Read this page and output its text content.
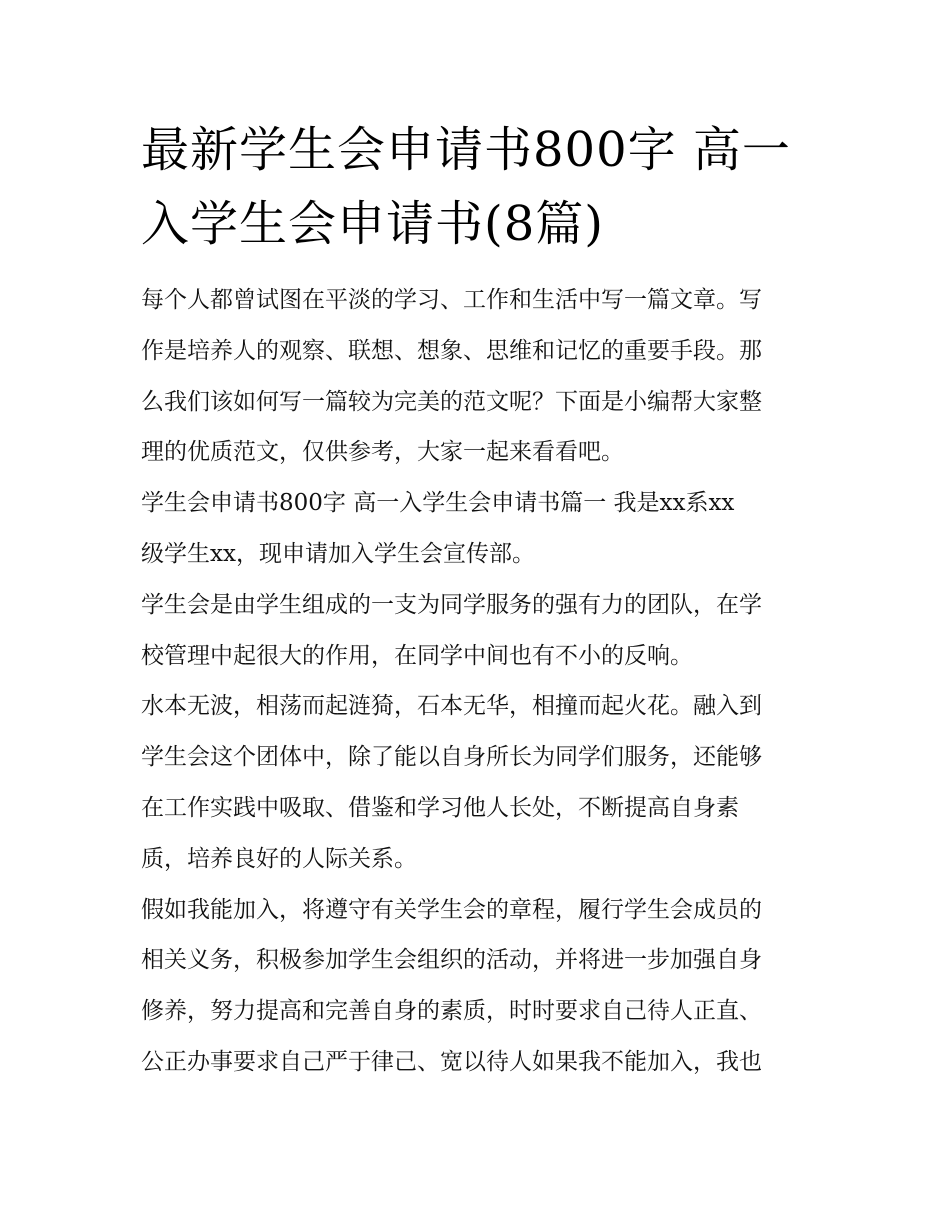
最新学生会申请书800字 高一
入学生会申请书(8篇)

每个人都曾试图在平淡的学习、工作和生活中写一篇文章。写
作是培养人的观察、联想、想象、思维和记忆的重要手段。那
么我们该如何写一篇较为完美的范文呢？下面是小编帮大家整
理的优质范文，仅供参考，大家一起来看看吧。

学生会申请书800字 高一入学生会申请书篇一 我是xx系xx
级学生xx，现申请加入学生会宣传部。

学生会是由学生组成的一支为同学服务的强有力的团队，在学
校管理中起很大的作用，在同学中间也有不小的反响。

水本无波，相荡而起涟猗，石本无华，相撞而起火花。融入到
学生会这个团体中，除了能以自身所长为同学们服务，还能够
在工作实践中吸取、借鉴和学习他人长处，不断提高自身素
质，培养良好的人际关系。

假如我能加入，将遵守有关学生会的章程，履行学生会成员的
相关义务，积极参加学生会组织的活动，并将进一步加强自身
修养，努力提高和完善自身的素质，时时要求自己待人正直、
公正办事要求自己严于律己、宽以待人如果我不能加入，我也
